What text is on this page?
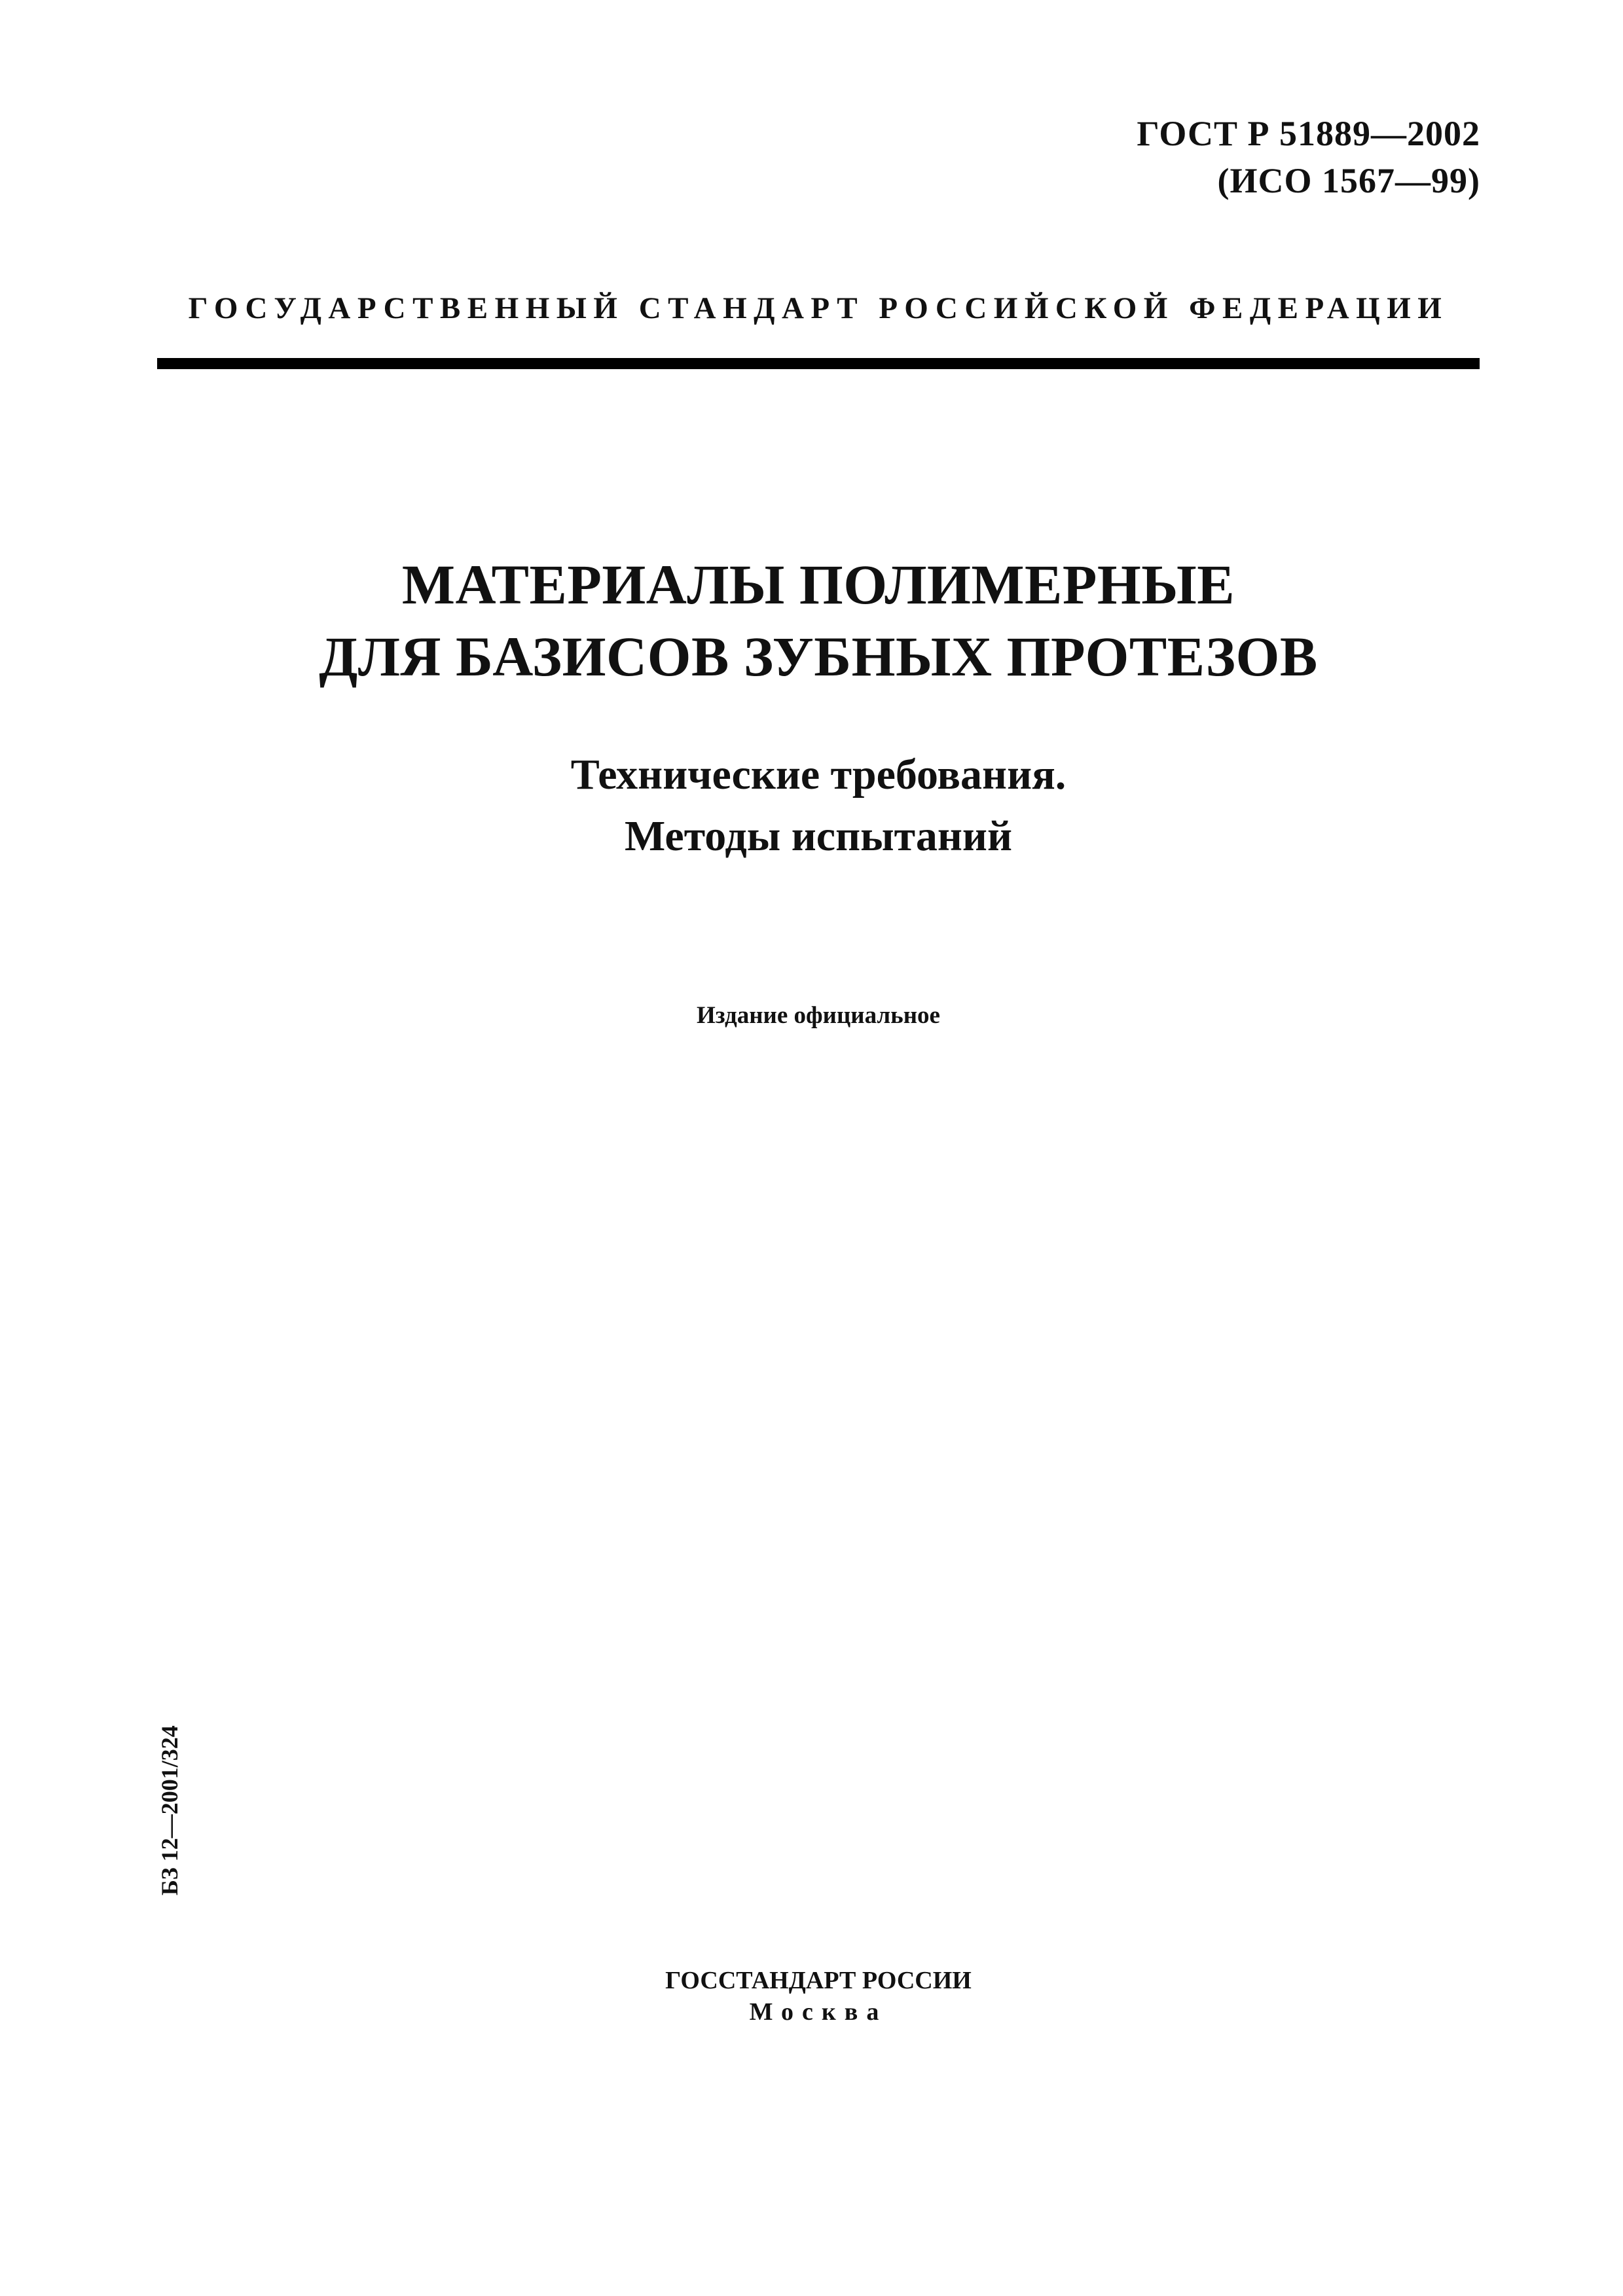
ГОСТ Р 51889—2002
(ИСО 1567—99)
ГОСУДАРСТВЕННЫЙ СТАНДАРТ РОССИЙСКОЙ ФЕДЕРАЦИИ
МАТЕРИАЛЫ ПОЛИМЕРНЫЕ
ДЛЯ БАЗИСОВ ЗУБНЫХ ПРОТЕЗОВ
Технические требования.
Методы испытаний
Издание официальное
БЗ 12—2001/324
ГОССТАНДАРТ РОССИИ
Москва
